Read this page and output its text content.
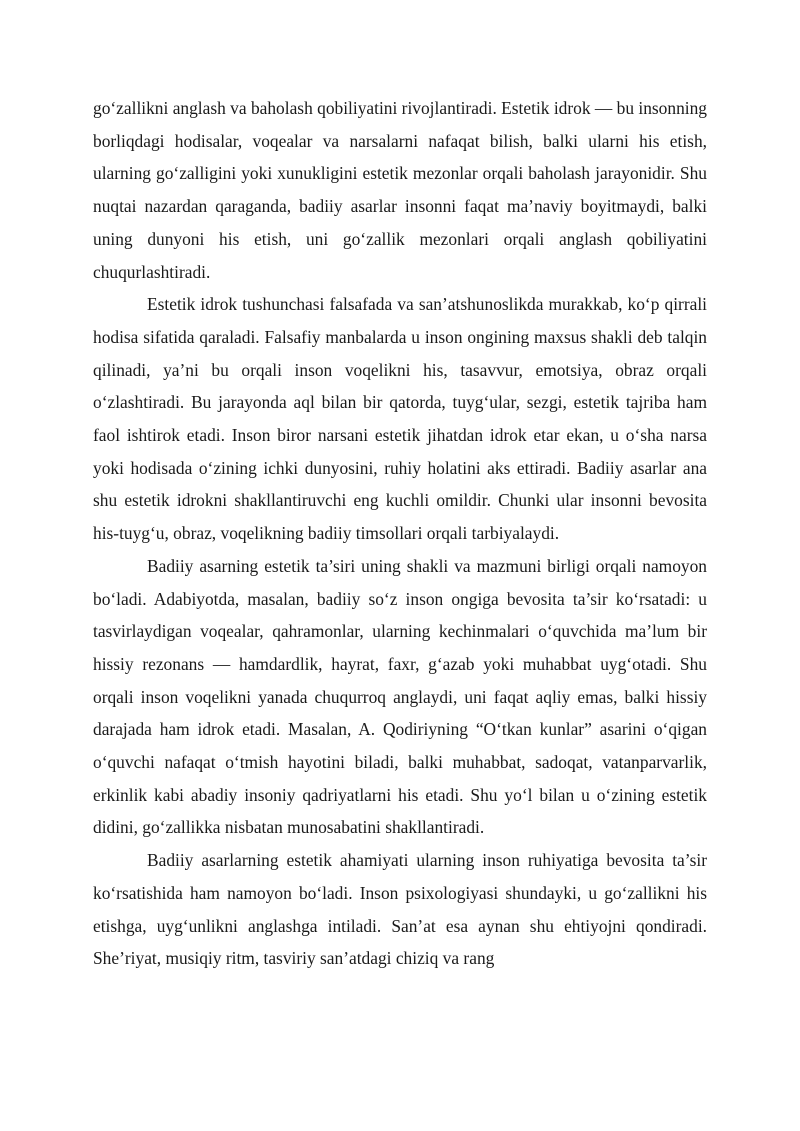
go‘zallikni anglash va baholash qobiliyatini rivojlantiradi. Estetik idrok — bu insonning borliqdagi hodisalar, voqealar va narsalarni nafaqat bilish, balki ularni his etish, ularning go‘zalligini yoki xunukligini estetik mezonlar orqali baholash jarayonidir. Shu nuqtai nazardan qaraganda, badiiy asarlar insonni faqat ma’naviy boyitmaydi, balki uning dunyoni his etish, uni go‘zallik mezonlari orqali anglash qobiliyatini chuqurlashtiradi.

Estetik idrok tushunchasi falsafada va san’atshunoslikda murakkab, ko‘p qirrali hodisa sifatida qaraladi. Falsafiy manbalarda u inson ongining maxsus shakli deb talqin qilinadi, ya’ni bu orqali inson voqelikni his, tasavvur, emotsiya, obraz orqali o‘zlashtiradi. Bu jarayonda aql bilan bir qatorda, tuyg‘ular, sezgi, estetik tajriba ham faol ishtirok etadi. Inson biror narsani estetik jihatdan idrok etar ekan, u o‘sha narsa yoki hodisada o‘zining ichki dunyosini, ruhiy holatini aks ettiradi. Badiiy asarlar ana shu estetik idrokni shakllantiruvchi eng kuchli omildir. Chunki ular insonni bevosita his-tuyg‘u, obraz, voqelikning badiiy timsollari orqali tarbiyalaydi.

Badiiy asarning estetik ta’siri uning shakli va mazmuni birligi orqali namoyon bo‘ladi. Adabiyotda, masalan, badiiy so‘z inson ongiga bevosita ta’sir ko‘rsatadi: u tasvirlaydigan voqealar, qahramonlar, ularning kechinmalari o‘quvchida ma’lum bir hissiy rezonans — hamdardlik, hayrat, faxr, g‘azab yoki muhabbat uyg‘otadi. Shu orqali inson voqelikni yanada chuqurroq anglaydi, uni faqat aqliy emas, balki hissiy darajada ham idrok etadi. Masalan, A. Qodiriyning “O‘tkan kunlar” asarini o‘qigan o‘quvchi nafaqat o‘tmish hayotini biladi, balki muhabbat, sadoqat, vatanparvarlik, erkinlik kabi abadiy insoniy qadriyatlarni his etadi. Shu yo‘l bilan u o‘zining estetik didini, go‘zallikka nisbatan munosabatini shakllantiradi.

Badiiy asarlarning estetik ahamiyati ularning inson ruhiyatiga bevosita ta’sir ko‘rsatishida ham namoyon bo‘ladi. Inson psixologiyasi shundayki, u go‘zallikni his etishga, uyg‘unlikni anglashga intiladi. San’at esa aynan shu ehtiyojni qondiradi. She’riyat, musiqiy ritm, tasviriy san’atdagi chiziq va rang
